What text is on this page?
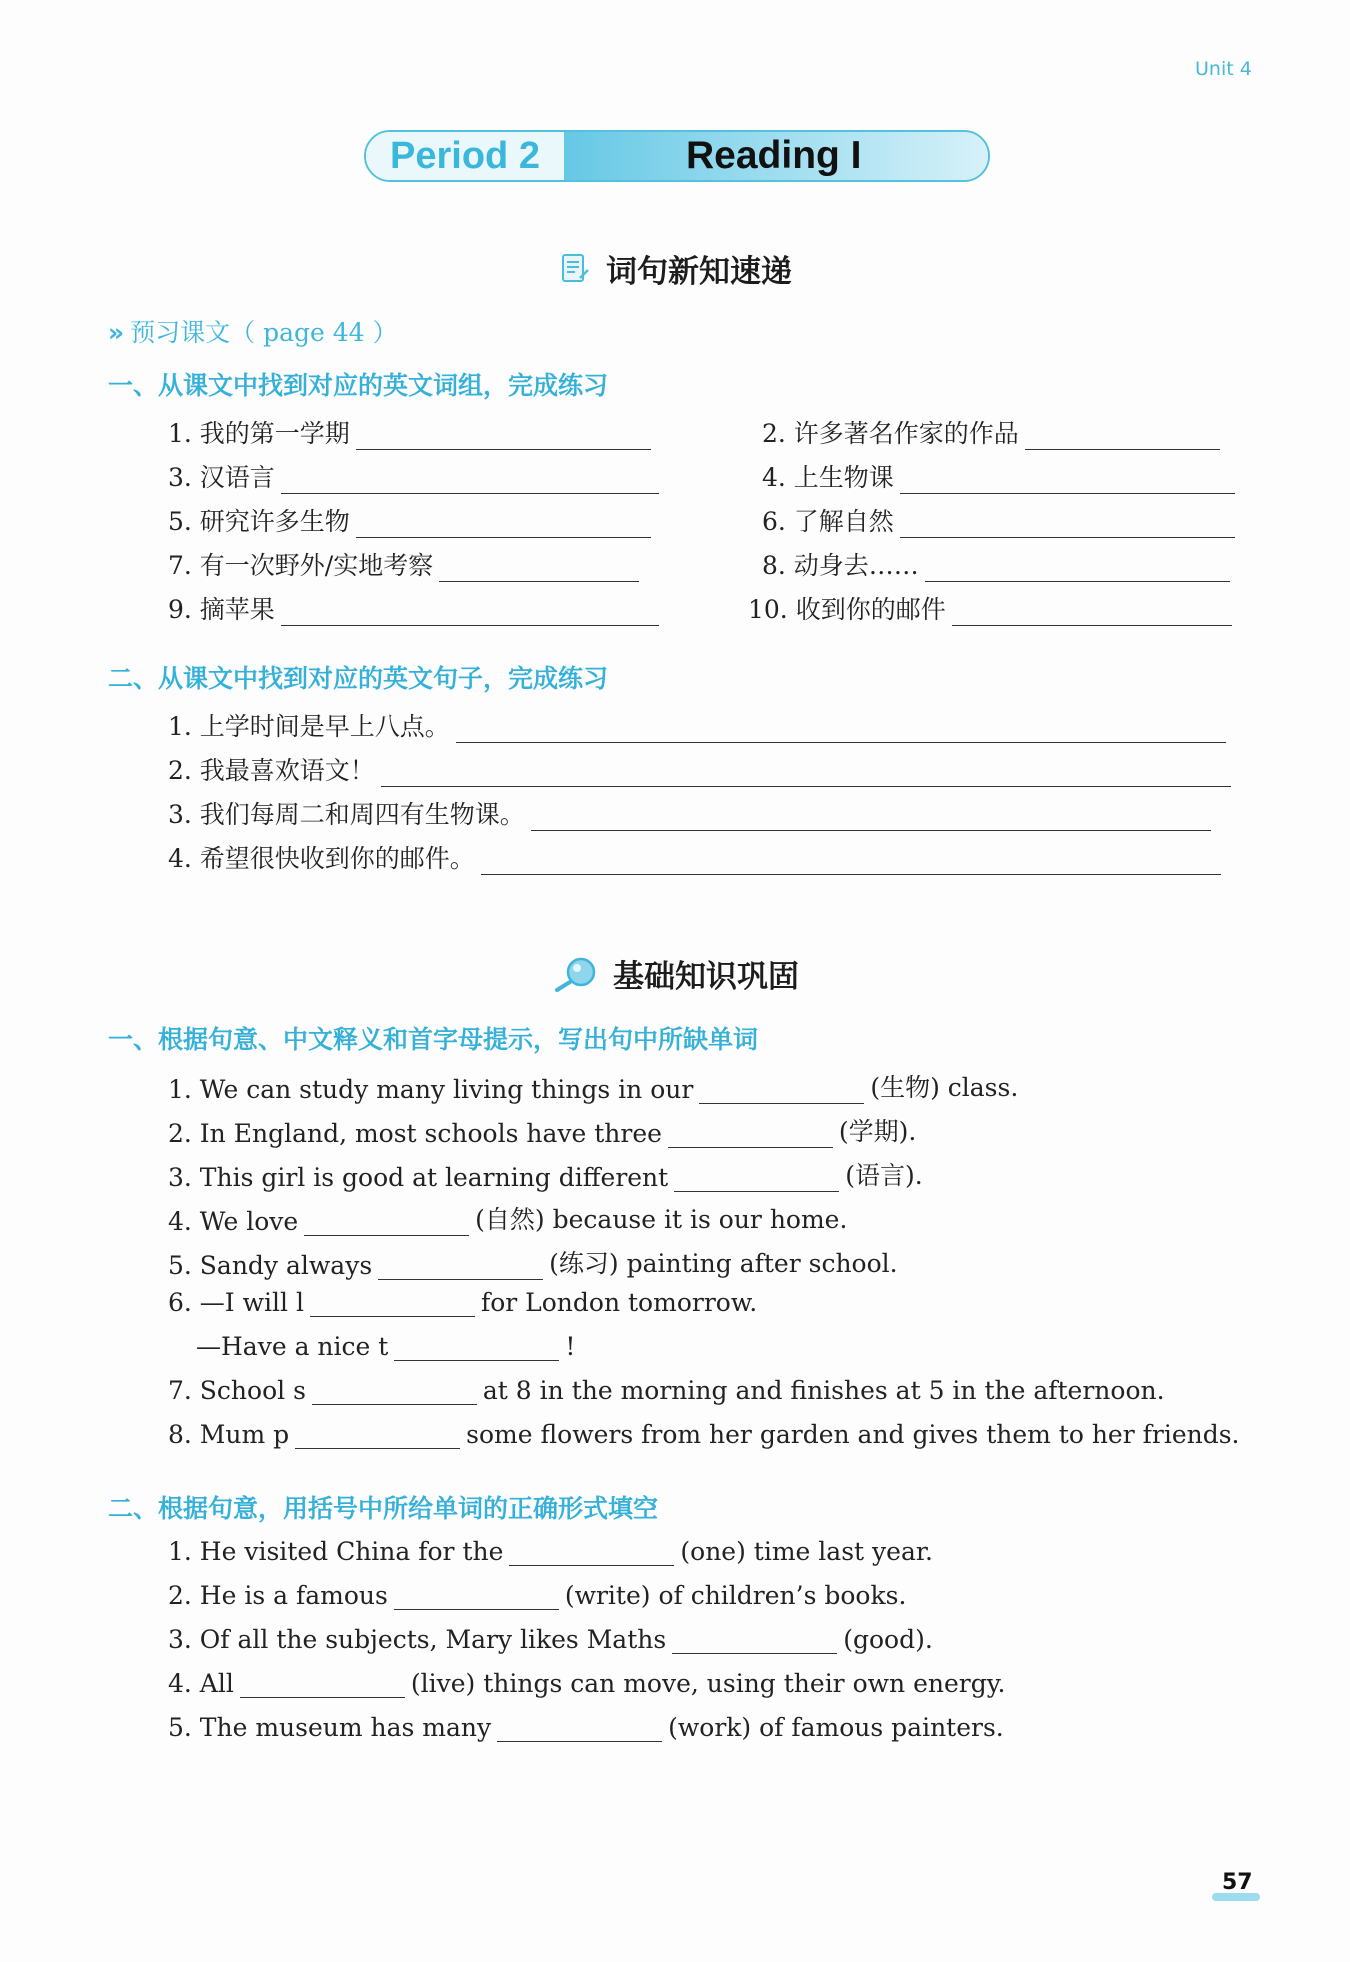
Unit 4
Period 2	Reading I
词句新知速递
» 预习课文（ page 44 ）
一、从课文中找到对应的英文词组，完成练习
1. 我的第一学期	2. 许多著名作家的作品
3. 汉语言	4. 上生物课
5. 研究许多生物	6. 了解自然
7. 有一次野外/实地考察	8. 动身去……
9. 摘苹果	10. 收到你的邮件
二、从课文中找到对应的英文句子，完成练习
1. 上学时间是早上八点。
2. 我最喜欢语文！
3. 我们每周二和周四有生物课。
4. 希望很快收到你的邮件。
基础知识巩固
一、根据句意、中文释义和首字母提示，写出句中所缺单词
1. We can study many living things in our	(生物) class.
2. In England, most schools have three	(学期).
3. This girl is good at learning different	(语言).
4. We love	(自然) because it is our home.
5. Sandy always	(练习) painting after school.
6. —I will l	for London tomorrow.
—Have a nice t	!
7. School s	at 8 in the morning and finishes at 5 in the afternoon.
8. Mum p	some flowers from her garden and gives them to her friends.
二、根据句意，用括号中所给单词的正确形式填空
1. He visited China for the	(one) time last year.
2. He is a famous	(write) of children’s books.
3. Of all the subjects, Mary likes Maths	(good).
4. All	(live) things can move, using their own energy.
5. The museum has many	(work) of famous painters.
57
